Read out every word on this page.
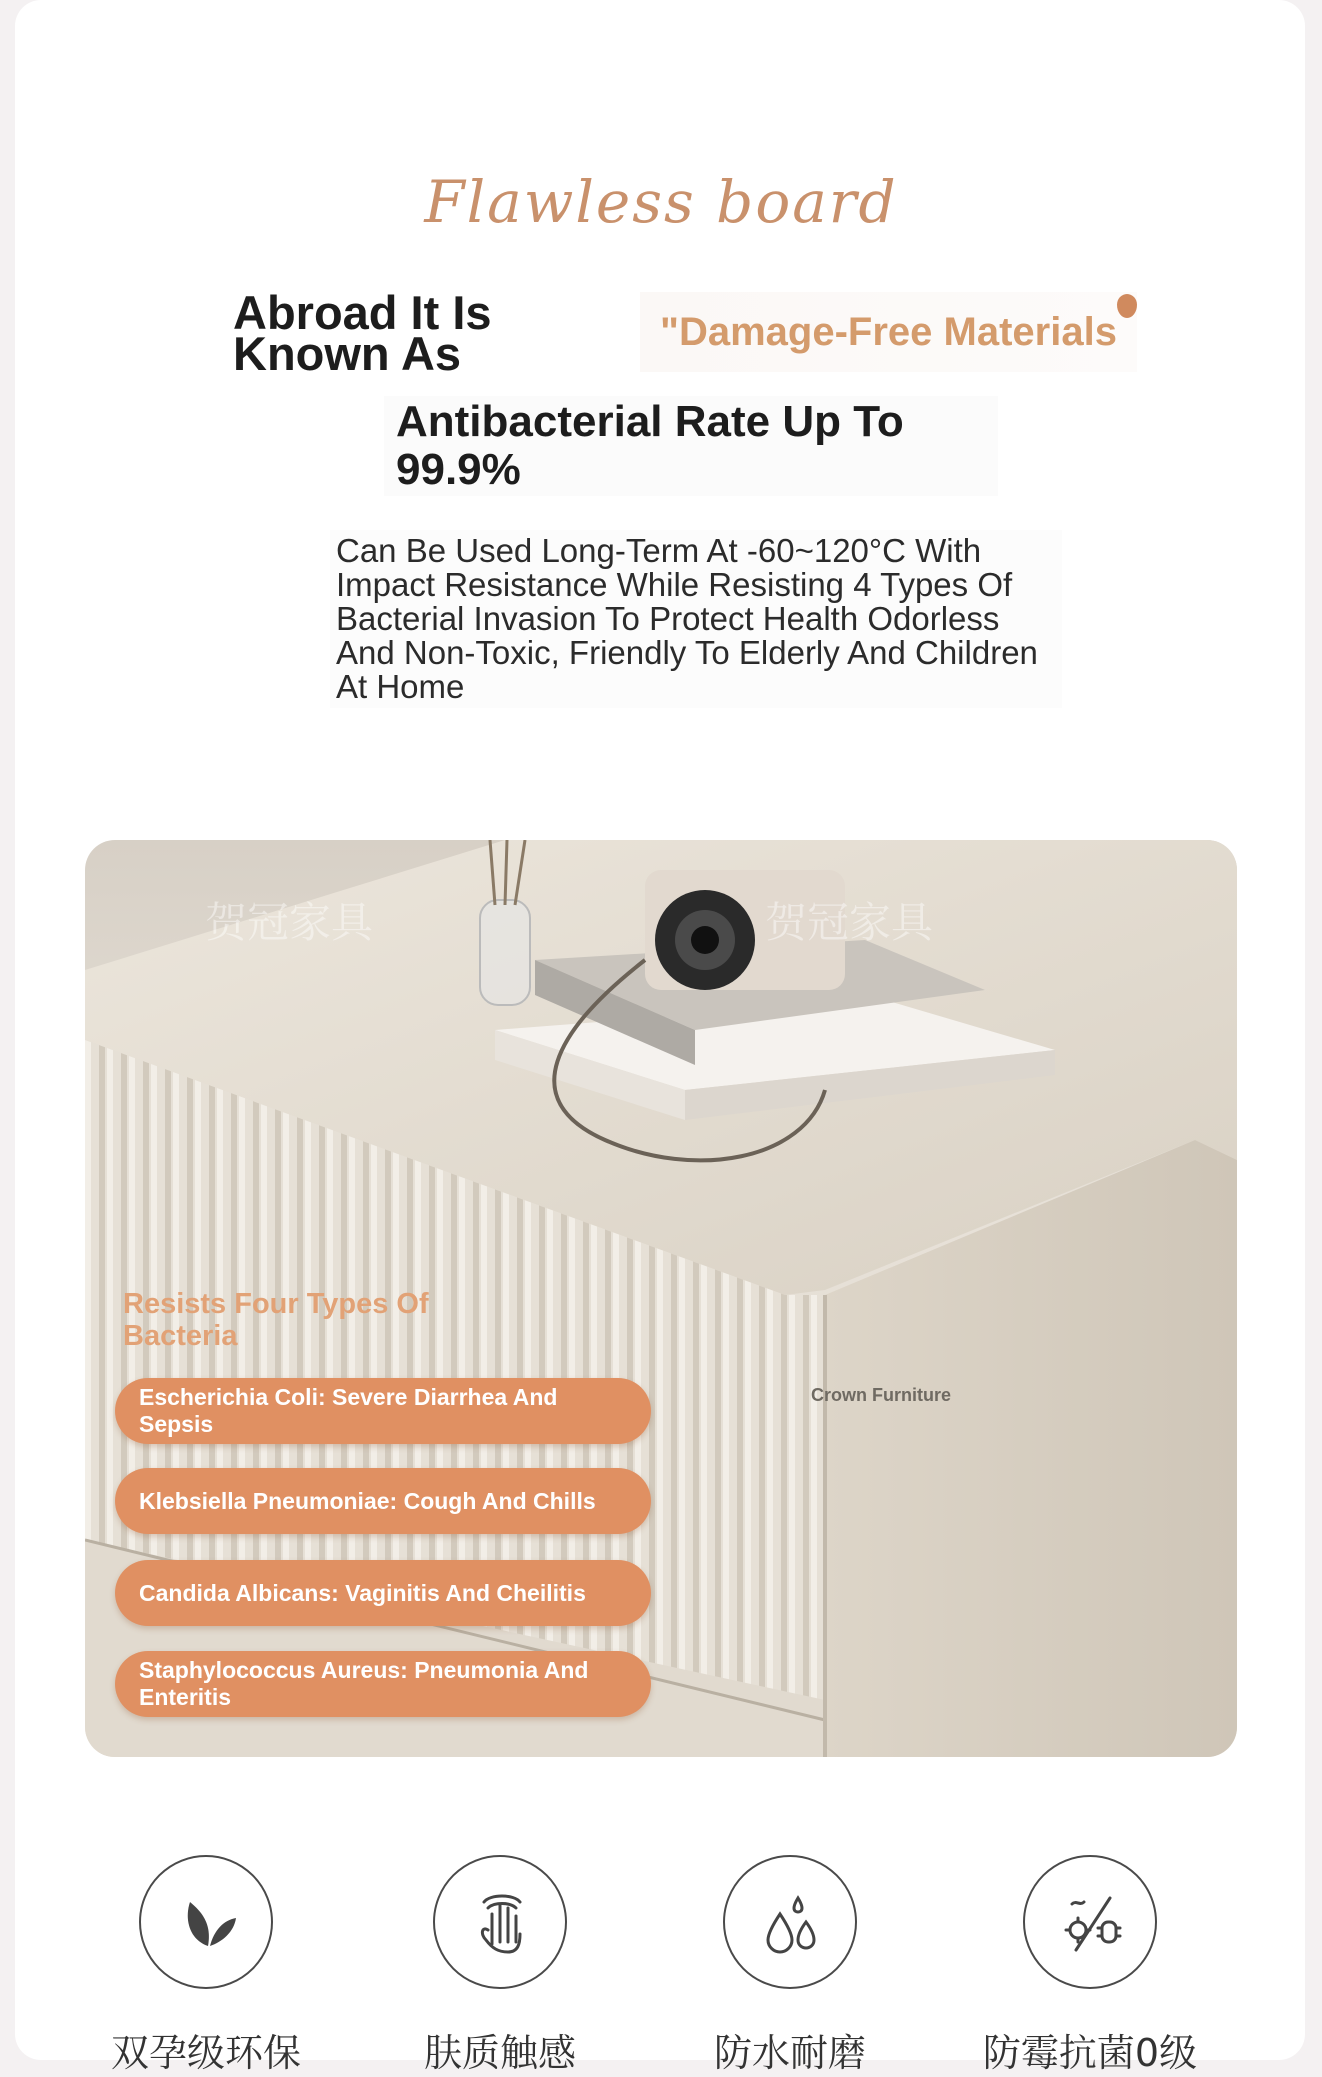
Flawless board
Abroad It Is Known As	"Damage-Free Materials
Antibacterial Rate Up To 99.9%
Can Be Used Long-Term At -60~120°C With Impact Resistance While Resisting 4 Types Of Bacterial Invasion To Protect Health Odorless And Non-Toxic, Friendly To Elderly And Children At Home
贺冠家具	贺冠家具
Crown Furniture
Resists Four Types Of Bacteria
Escherichia Coli: Severe Diarrhea And Sepsis
Klebsiella Pneumoniae: Cough And Chills
Candida Albicans: Vaginitis And Cheilitis
Staphylococcus Aureus: Pneumonia And Enteritis
双孕级环保	肤质触感	防水耐磨	防霉抗菌0级
